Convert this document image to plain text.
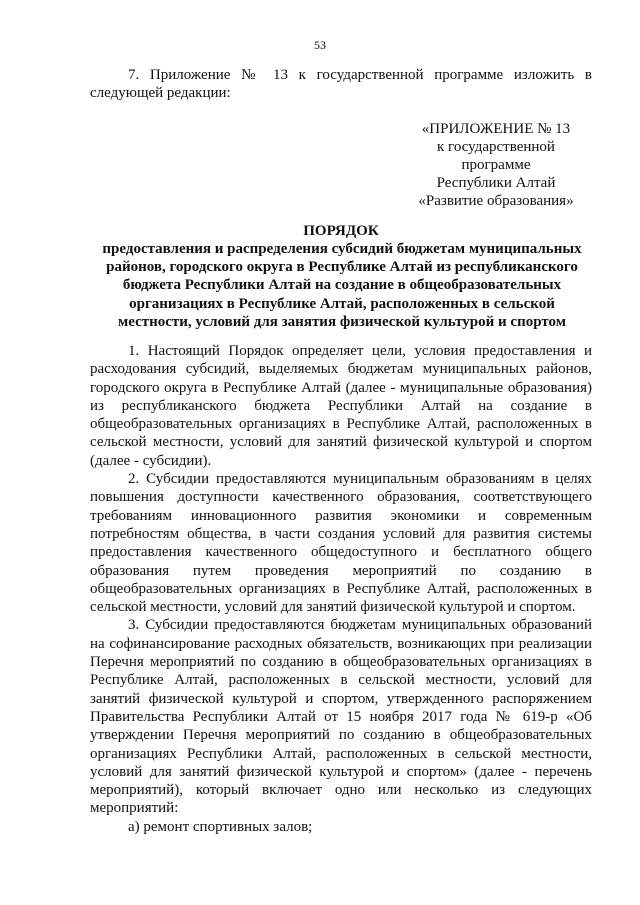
53

7. Приложение № 13 к государственной программе изложить в следующей редакции:

«ПРИЛОЖЕНИЕ № 13
к государственной
программе
Республики Алтай
«Развитие образования»
ПОРЯДОК
предоставления и распределения субсидий бюджетам муниципальных районов, городского округа в Республике Алтай из республиканского бюджета Республики Алтай на создание в общеобразовательных организациях в Республике Алтай, расположенных в сельской местности, условий для занятия физической культурой и спортом

1. Настоящий Порядок определяет цели, условия предоставления и расходования субсидий, выделяемых бюджетам муниципальных районов, городского округа в Республике Алтай (далее - муниципальные образования) из республиканского бюджета Республики Алтай на создание в общеобразовательных организациях в Республике Алтай, расположенных в сельской местности, условий для занятий физической культурой и спортом (далее - субсидии).

2. Субсидии предоставляются муниципальным образованиям в целях повышения доступности качественного образования, соответствующего требованиям инновационного развития экономики и современным потребностям общества, в части создания условий для развития системы предоставления качественного общедоступного и бесплатного общего образования путем проведения мероприятий по созданию в общеобразовательных организациях в Республике Алтай, расположенных в сельской местности, условий для занятий физической культурой и спортом.

3. Субсидии предоставляются бюджетам муниципальных образований на софинансирование расходных обязательств, возникающих при реализации Перечня мероприятий по созданию в общеобразовательных организациях в Республике Алтай, расположенных в сельской местности, условий для занятий физической культурой и спортом, утвержденного распоряжением Правительства Республики Алтай от 15 ноября 2017 года № 619-р «Об утверждении Перечня мероприятий по созданию в общеобразовательных организациях Республики Алтай, расположенных в сельской местности, условий для занятий физической культурой и спортом» (далее - перечень мероприятий), который включает одно или несколько из следующих мероприятий:

а) ремонт спортивных залов;
